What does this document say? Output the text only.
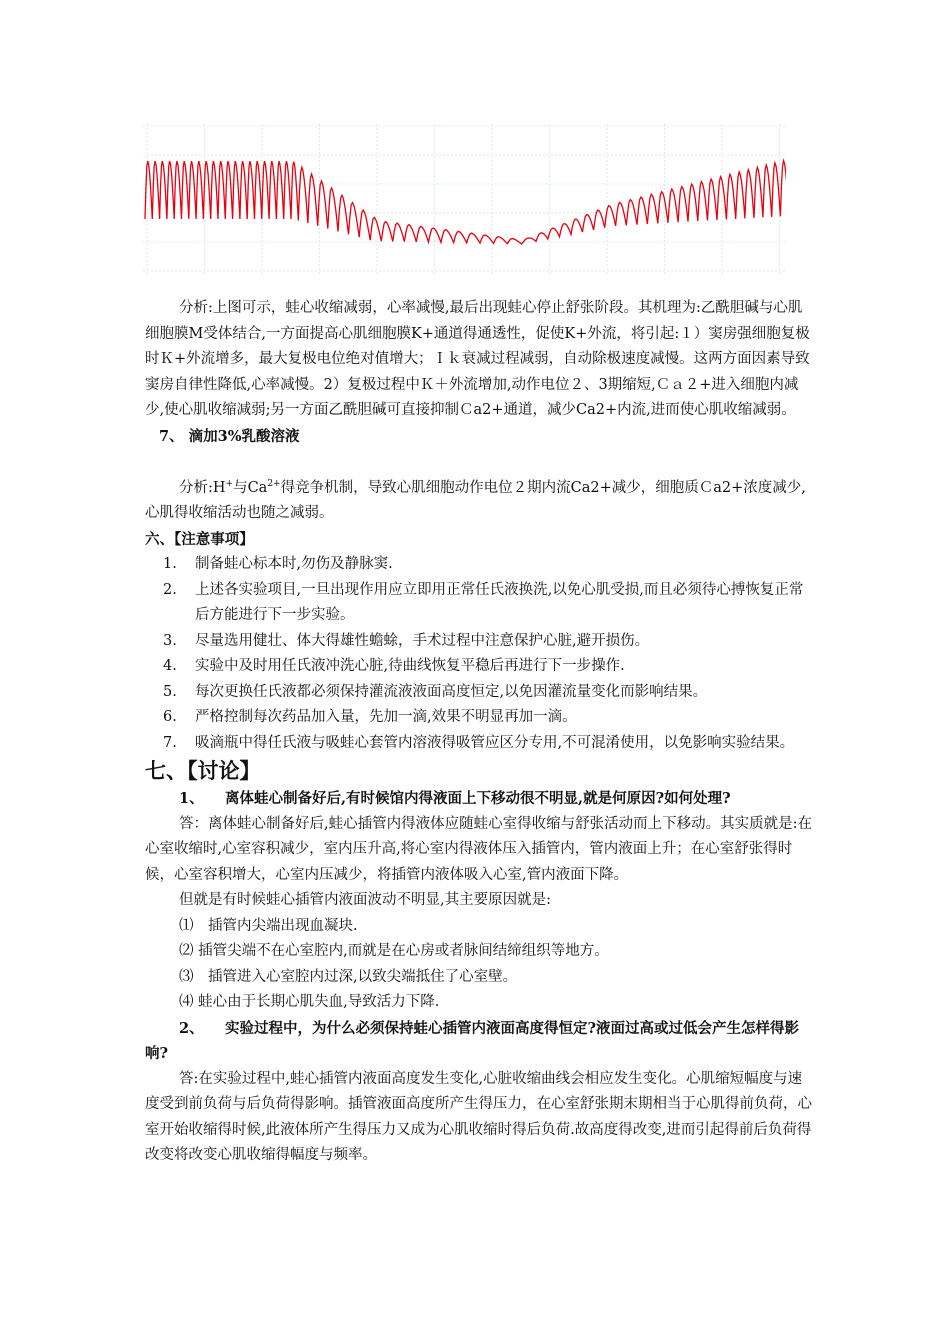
分析:上图可示，蛙心收缩减弱，心率减慢,最后出现蛙心停止舒张阶段。其机理为:乙酰胆碱与心肌细胞膜M受体结合,一方面提高心肌细胞膜K+通道得通透性，促使K+外流，将引起:１）窦房强细胞复极时Ｋ+外流增多，最大复极电位绝对值增大；Ｉｋ衰减过程减弱，自动除极速度减慢。这两方面因素导致窦房自律性降低,心率减慢。2）复极过程中Ｋ＋外流增加,动作电位２、3期缩短,Ｃａ２+进入细胞内减少,使心肌收缩减弱;另一方面乙酰胆碱可直接抑制Ｃa2+通道，减少Ca2+内流,进而使心肌收缩减弱。

7、 滴加3%乳酸溶液

分析:H+与$Ca^{2+}$得竞争机制，导致心肌细胞动作电位２期内流Ca2+减少，细胞质Ｃa2+浓度减少,心肌得收缩活动也随之减弱。

六、【注意事项】

1. 制备蛙心标本时,勿伤及静脉窦.
2. 上述各实验项目,一旦出现作用应立即用正常任氏液换洗,以免心肌受损,而且必须待心搏恢复正常后方能进行下一步实验。
3. 尽量选用健壮、体大得雄性蟾蜍，手术过程中注意保护心脏,避开损伤。
4. 实验中及时用任氏液冲洗心脏,待曲线恢复平稳后再进行下一步操作.
5. 每次更换任氏液都必须保持灌流液液面高度恒定,以免因灌流量变化而影响结果。
6. 严格控制每次药品加入量，先加一滴,效果不明显再加一滴。
7. 吸滴瓶中得任氏液与吸蛙心套管内溶液得吸管应区分专用,不可混淆使用，以免影响实验结果。

七、【讨论】

1、 离体蛙心制备好后,有时候馆内得液面上下移动很不明显,就是何原因?如何处理?

答：离体蛙心制备好后,蛙心插管内得液体应随蛙心室得收缩与舒张活动而上下移动。其实质就是:在心室收缩时,心室容积减少，室内压升高,将心室内得液体压入插管内，管内液面上升；在心室舒张得时候，心室容积增大，心室内压减少，将插管内液体吸入心室,管内液面下降。

但就是有时候蛙心插管内液面波动不明显,其主要原因就是:

⑴　插管内尖端出现血凝块.

⑵ 插管尖端不在心室腔内,而就是在心房或者脉间结缔组织等地方。

⑶　插管进入心室腔内过深,以致尖端抵住了心室壁。

⑷ 蛙心由于长期心肌失血,导致活力下降.

2、 实验过程中，为什么必须保持蛙心插管内液面高度得恒定?液面过高或过低会产生怎样得影响?

答:在实验过程中,蛙心插管内液面高度发生变化,心脏收缩曲线会相应发生变化。心肌缩短幅度与速度受到前负荷与后负荷得影响。插管液面高度所产生得压力，在心室舒张期末期相当于心肌得前负荷，心室开始收缩得时候,此液体所产生得压力又成为心肌收缩时得后负荷.故高度得改变,进而引起得前后负荷得改变将改变心肌收缩得幅度与频率。
